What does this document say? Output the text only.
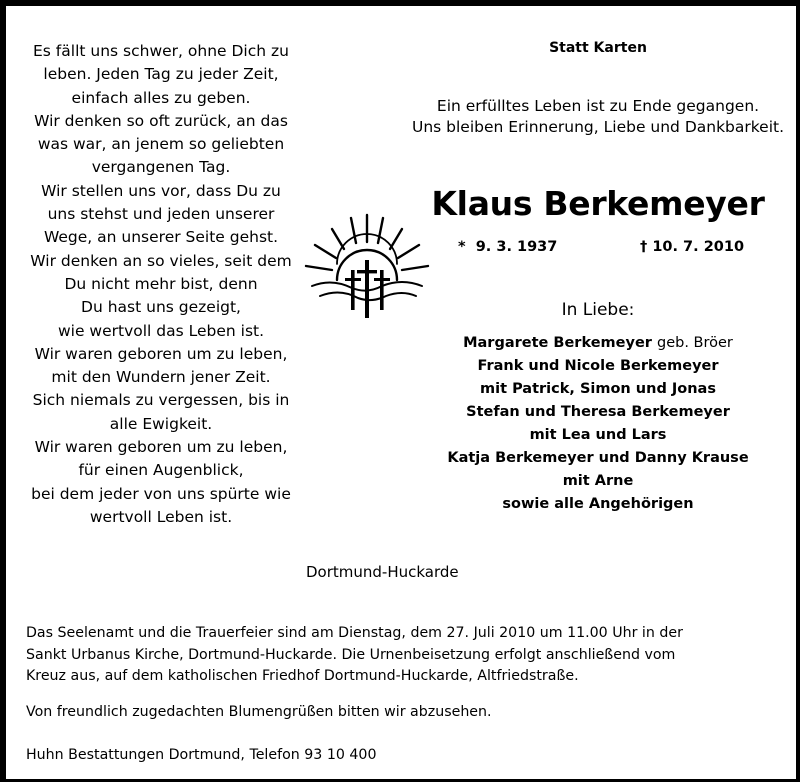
Es fällt uns schwer, ohne Dich zu
leben. Jeden Tag zu jeder Zeit,
einfach alles zu geben.
Wir denken so oft zurück, an das
was war, an jenem so geliebten
vergangenen Tag.
Wir stellen uns vor, dass Du zu
uns stehst und jeden unserer
Wege, an unserer Seite gehst.
Wir denken an so vieles, seit dem
Du nicht mehr bist, denn
Du hast uns gezeigt,
wie wertvoll das Leben ist.
Wir waren geboren um zu leben,
mit den Wundern jener Zeit.
Sich niemals zu vergessen, bis in
alle Ewigkeit.
Wir waren geboren um zu leben,
für einen Augenblick,
bei dem jeder von uns spürte wie
wertvoll Leben ist.
Statt Karten
Ein erfülltes Leben ist zu Ende gegangen.
Uns bleiben Erinnerung, Liebe und Dankbarkeit.
Klaus Berkemeyer
* 9. 3. 1937	† 10. 7. 2010
In Liebe:
Margarete Berkemeyer geb. Bröer
Frank und Nicole Berkemeyer
mit Patrick, Simon und Jonas
Stefan und Theresa Berkemeyer
mit Lea und Lars
Katja Berkemeyer und Danny Krause
mit Arne
sowie alle Angehörigen
Dortmund-Huckarde
Das Seelenamt und die Trauerfeier sind am Dienstag, dem 27. Juli 2010 um 11.00 Uhr in der
Sankt Urbanus Kirche, Dortmund-Huckarde. Die Urnenbeisetzung erfolgt anschließend vom
Kreuz aus, auf dem katholischen Friedhof Dortmund-Huckarde, Altfriedstraße.
Von freundlich zugedachten Blumengrüßen bitten wir abzusehen.
Huhn Bestattungen Dortmund, Telefon 93 10 400
